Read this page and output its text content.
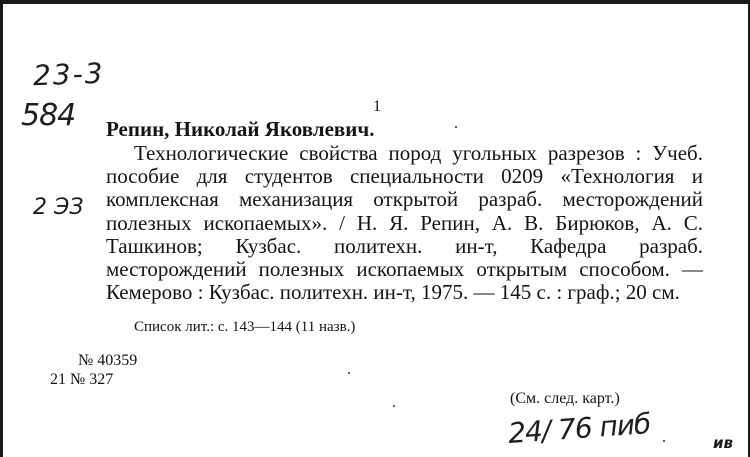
23-3
584
2 ЭЗ
1
Репин, Николай Яковлевич.
Технологические свойства пород угольных разрезов : Учеб. пособие для студентов специальности 0209 «Технология и комплексная механизация открытой разраб. месторождений полезных ископаемых». / Н. Я. Репин, А. В. Бирюков, А. С. Ташкинов; Кузбас. политехн. ин-т, Кафедра разраб. месторождений полезных ископаемых открытым способом. — Кемерово : Кузбас. политехн. ин-т, 1975. — 145 с. : граф.; 20 см.
Список лит.: с. 143—144 (11 назв.)
№ 40359
21 № 327
(См. след. карт.)
24/ 76 пиб	ив
